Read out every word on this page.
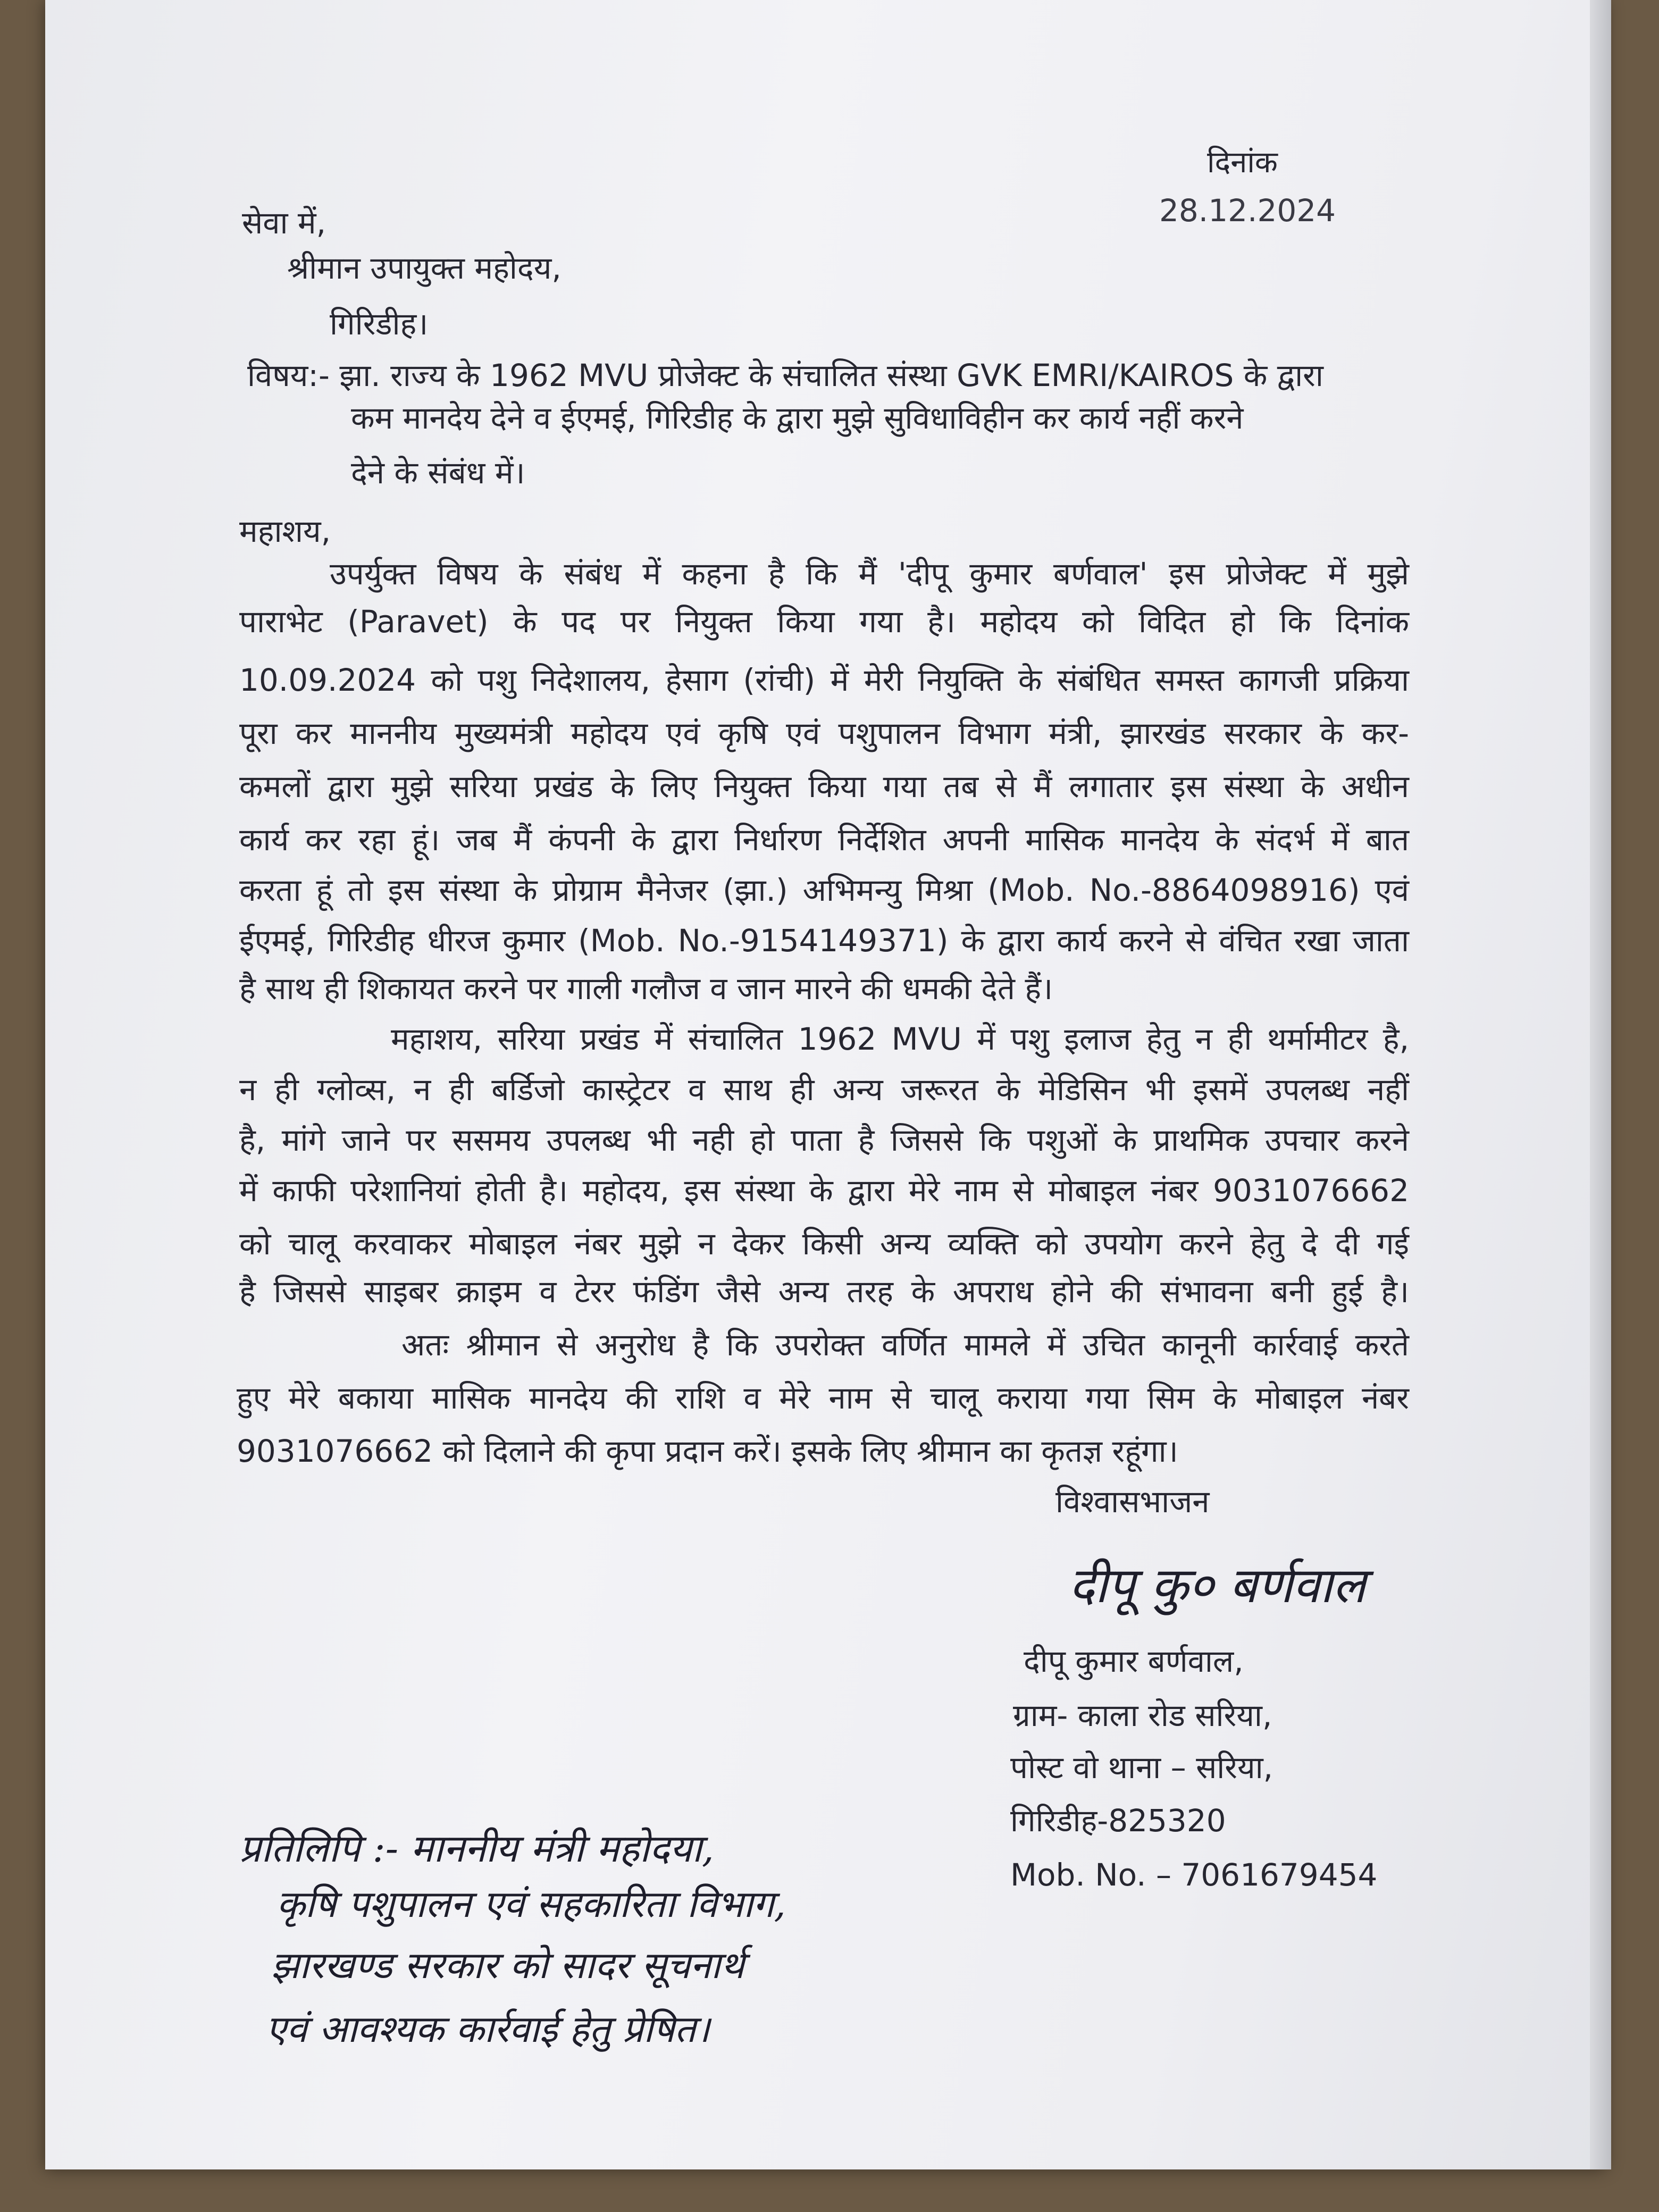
दिनांक
28.12.2024
सेवा में,
श्रीमान उपायुक्त महोदय,
गिरिडीह।
विषय:- झा. राज्य के 1962 MVU प्रोजेक्ट के संचालित संस्था GVK EMRI/KAIROS के द्वारा
कम मानदेय देने व ईएमई, गिरिडीह के द्वारा मुझे सुविधाविहीन कर कार्य नहीं करने
देने के संबंध में।
महाशय,
उपर्युक्त विषय के संबंध में कहना है कि मैं 'दीपू कुमार बर्णवाल' इस प्रोजेक्ट में मुझे
पाराभेट (Paravet) के पद पर नियुक्त किया गया है। महोदय को विदित हो कि दिनांक
10.09.2024 को पशु निदेशालय, हेसाग (रांची) में मेरी नियुक्ति के संबंधित समस्त कागजी प्रक्रिया
पूरा कर माननीय मुख्यमंत्री महोदय एवं कृषि एवं पशुपालन विभाग मंत्री, झारखंड सरकार के कर-
कमलों द्वारा मुझे सरिया प्रखंड के लिए नियुक्त किया गया तब से मैं लगातार इस संस्था के अधीन
कार्य कर रहा हूं। जब मैं कंपनी के द्वारा निर्धारण निर्देशित अपनी मासिक मानदेय के संदर्भ में बात
करता हूं तो इस संस्था के प्रोग्राम मैनेजर (झा.) अभिमन्यु मिश्रा (Mob. No.-8864098916) एवं
ईएमई, गिरिडीह धीरज कुमार (Mob. No.-9154149371) के द्वारा कार्य करने से वंचित रखा जाता
है साथ ही शिकायत करने पर गाली गलौज व जान मारने की धमकी देते हैं।
महाशय, सरिया प्रखंड में संचालित 1962 MVU में पशु इलाज हेतु न ही थर्मामीटर है,
न ही ग्लोव्स, न ही बर्डिजो कास्ट्रेटर व साथ ही अन्य जरूरत के मेडिसिन भी इसमें उपलब्ध नहीं
है, मांगे जाने पर ससमय उपलब्ध भी नही हो पाता है जिससे कि पशुओं के प्राथमिक उपचार करने
में काफी परेशानियां होती है। महोदय, इस संस्था के द्वारा मेरे नाम से मोबाइल नंबर 9031076662
को चालू करवाकर मोबाइल नंबर मुझे न देकर किसी अन्य व्यक्ति को उपयोग करने हेतु दे दी गई
है जिससे साइबर क्राइम व टेरर फंडिंग जैसे अन्य तरह के अपराध होने की संभावना बनी हुई है।
अतः श्रीमान से अनुरोध है कि उपरोक्त वर्णित मामले में उचित कानूनी कार्रवाई करते
हुए मेरे बकाया मासिक मानदेय की राशि व मेरे नाम से चालू कराया गया सिम के मोबाइल नंबर
9031076662 को दिलाने की कृपा प्रदान करें। इसके लिए श्रीमान का कृतज्ञ रहूंगा।
विश्वासभाजन
दीपू कु० बर्णवाल
दीपू कुमार बर्णवाल,
ग्राम- काला रोड सरिया,
पोस्ट वो थाना – सरिया,
गिरिडीह-825320
Mob. No. – 7061679454
प्रतिलिपि :- माननीय मंत्री महोदया,
कृषि पशुपालन एवं सहकारिता विभाग,
झारखण्ड सरकार को सादर सूचनार्थ
एवं आवश्यक कार्रवाई हेतु प्रेषित।
